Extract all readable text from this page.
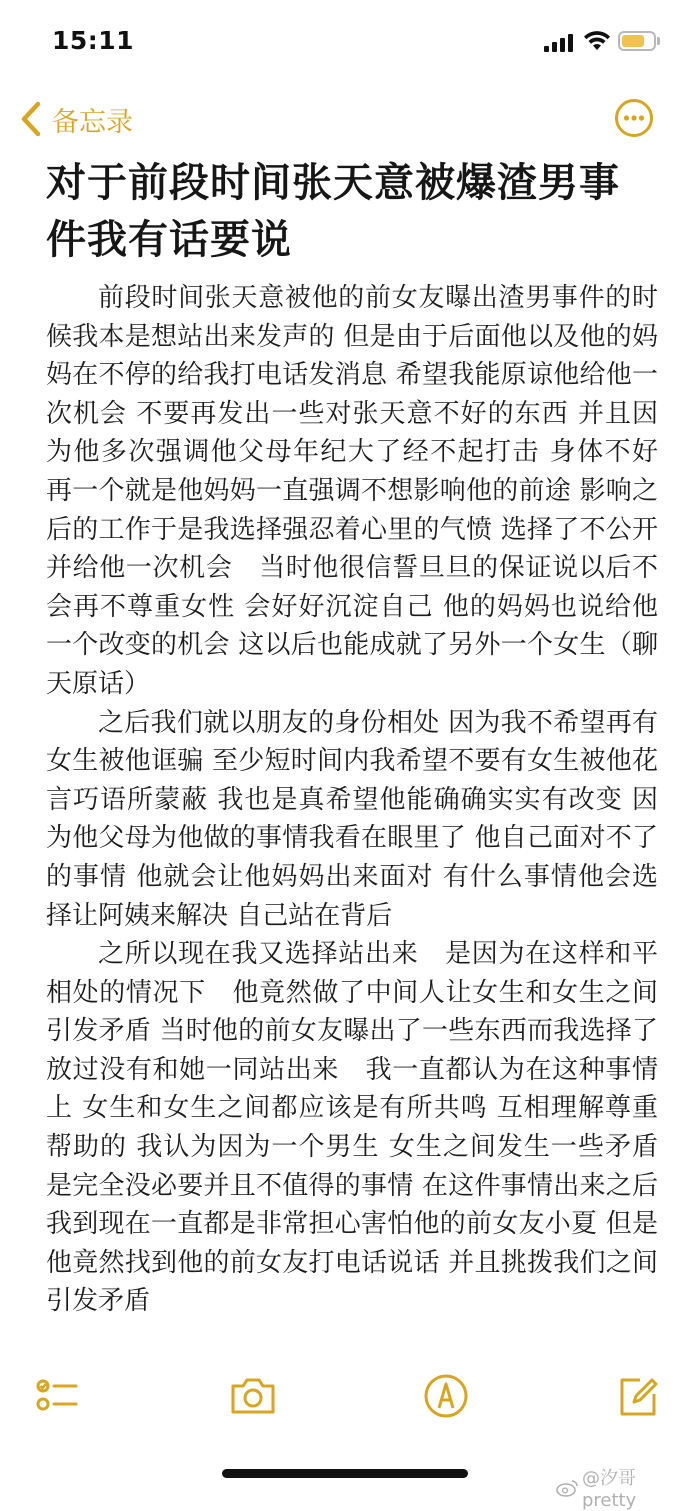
15:11
备忘录
对于前段时间张天意被爆渣男事件我有话要说

前段时间张天意被他的前女友曝出渣男事件的时候我本是想站出来发声的 但是由于后面他以及他的妈妈在不停的给我打电话发消息 希望我能原谅他给他一次机会 不要再发出一些对张天意不好的东西 并且因为他多次强调他父母年纪大了经不起打击 身体不好 再一个就是他妈妈一直强调不想影响他的前途 影响之后的工作于是我选择强忍着心里的气愤 选择了不公开 并给他一次机会　当时他很信誓旦旦的保证说以后不会再不尊重女性 会好好沉淀自己 他的妈妈也说给他一个改变的机会 这以后也能成就了另外一个女生（聊天原话）

之后我们就以朋友的身份相处 因为我不希望再有女生被他诓骗 至少短时间内我希望不要有女生被他花言巧语所蒙蔽 我也是真希望他能确确实实有改变 因为他父母为他做的事情我看在眼里了 他自己面对不了的事情 他就会让他妈妈出来面对 有什么事情他会选择让阿姨来解决 自己站在背后

之所以现在我又选择站出来　是因为在这样和平相处的情况下　他竟然做了中间人让女生和女生之间引发矛盾 当时他的前女友曝出了一些东西而我选择了放过没有和她一同站出来　我一直都认为在这种事情上 女生和女生之间都应该是有所共鸣 互相理解尊重帮助的 我认为因为一个男生 女生之间发生一些矛盾是完全没必要并且不值得的事情 在这件事情出来之后我到现在一直都是非常担心害怕他的前女友小夏 但是他竟然找到他的前女友打电话说话 并且挑拨我们之间引发矛盾

@汐哥pretty
